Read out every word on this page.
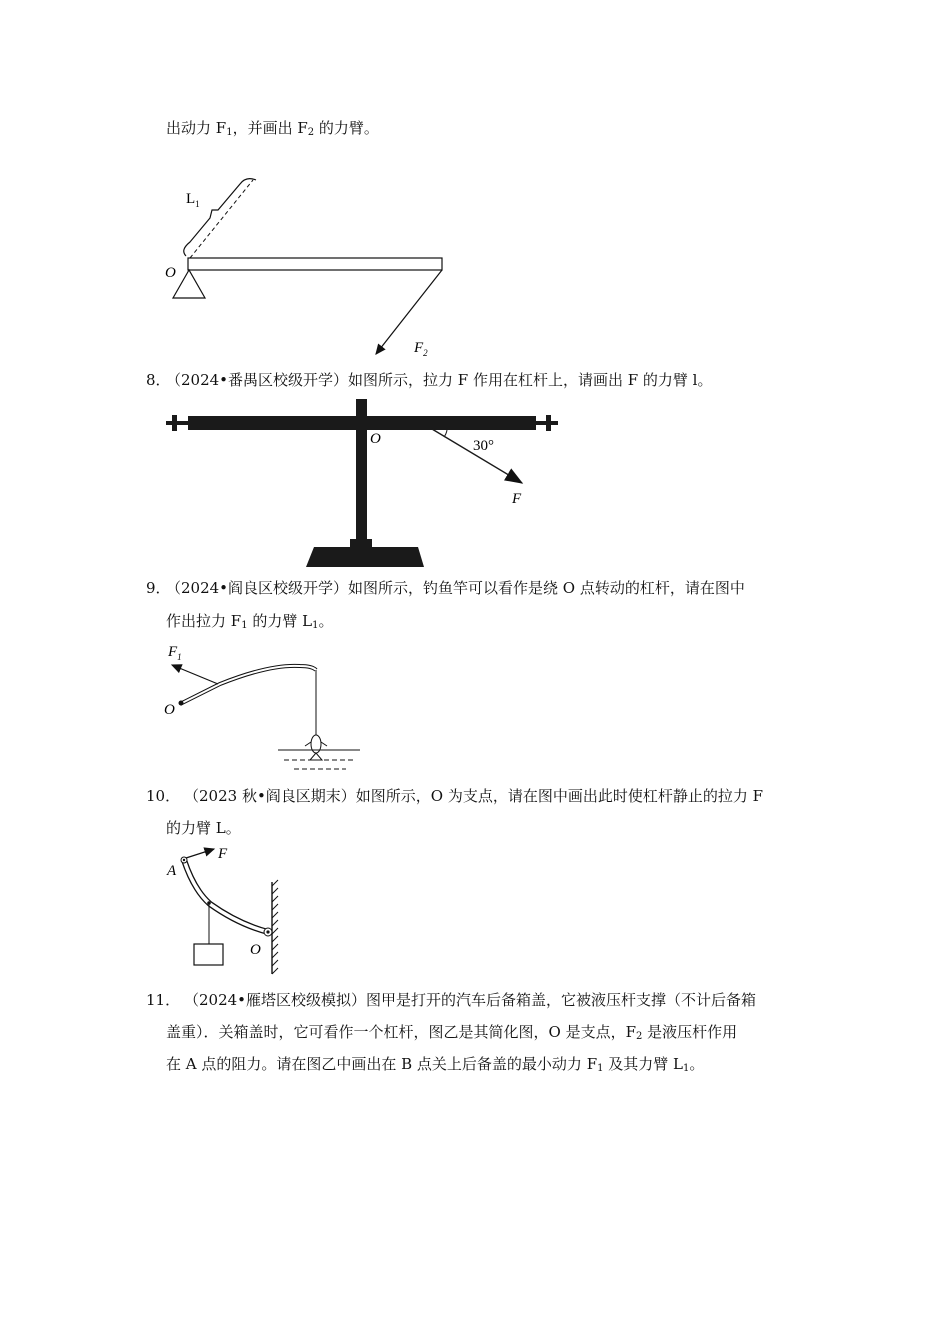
出动力 $F_1$，并画出 $F_2$ 的力臂。
$L_1$
O
$F_2$
8．
（2024•番禺区校级开学）如图所示，拉力 F 作用在杠杆上，请画出 F 的力臂 l。
O	30°
F
9．
（2024•阎良区校级开学）如图所示，钓鱼竿可以看作是绕 O 点转动的杠杆，请在图中
作出拉力 $F_1$ 的力臂 $L_1$。
$F_1$
O
10． （2023 秋•阎良区期末）如图所示，O 为支点，请在图中画出此时使杠杆静止的拉力 F
的力臂 L。
A
F
O
11． （2024•雁塔区校级模拟）图甲是打开的汽车后备箱盖，它被液压杆支撑（不计后备箱
盖重）．关箱盖时，它可看作一个杠杆，图乙是其简化图，O 是支点，$F_2$ 是液压杆作用
在 A 点的阻力。请在图乙中画出在 B 点关上后备盖的最小动力 $F_1$ 及其力臂 $L_1$。
